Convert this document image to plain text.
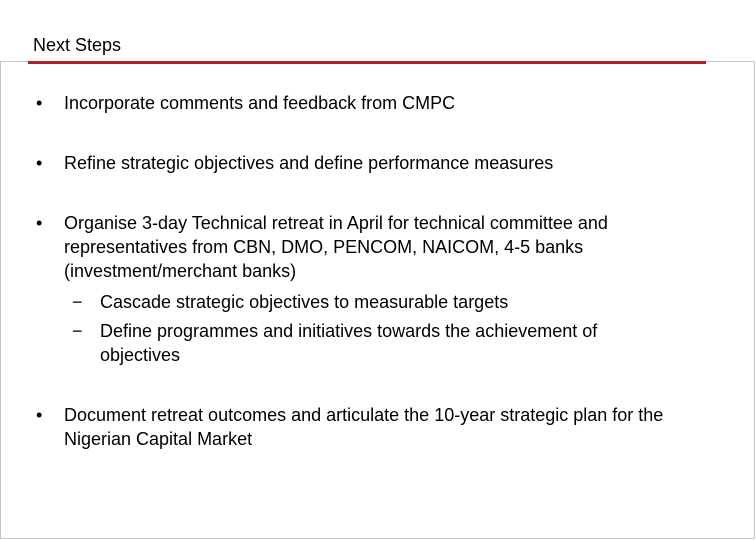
Next Steps
•	Incorporate comments and feedback from CMPC
•	Refine strategic objectives and define performance measures
•	Organise 3-day Technical retreat in April for technical committee and representatives from CBN, DMO, PENCOM, NAICOM, 4-5 banks (investment/merchant banks)
− Cascade strategic objectives to measurable targets
− Define programmes and initiatives towards the achievement of objectives
•	Document retreat outcomes and articulate the 10-year strategic plan for the Nigerian Capital Market
